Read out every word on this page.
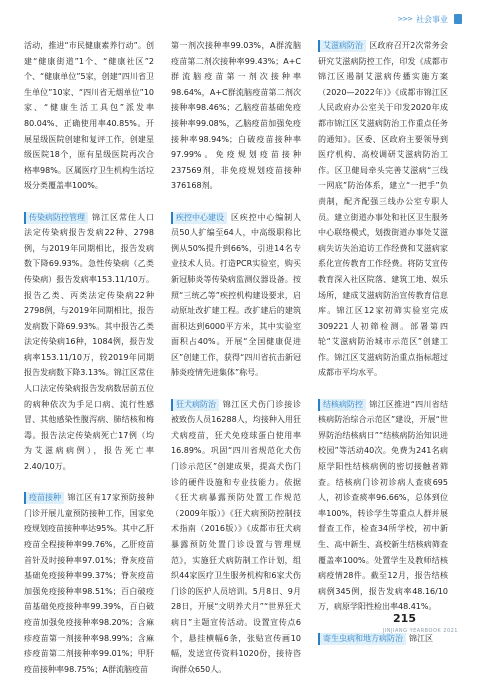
>>> 社会事业

活动，推进“市民健康素养行动”。创建“健康街道”1个、“健康社区”2个、“健康单位”5家，创建“四川省卫生单位”10家、“四川省无烟单位”10家、“健康生活工具包”派发率80.04%、正确使用率40.85%。开展星级医院创建和复评工作，创建星级医院18个，原有星级医院再次合格率98%。区属医疗卫生机构生活垃圾分类覆盖率100%。

传染病防控管理 锦江区常住人口法定传染病报告发病22种、2798例，与2019年同期相比，报告发病数下降69.93%。急性传染病（乙类传染病）报告发病率153.11/10万。报告乙类、丙类法定传染病22种2798例，与2019年同期相比，报告发病数下降69.93%。其中报告乙类法定传染病16种，1084例，报告发病率153.11/10万，较2019年同期报告发病数下降3.13%。锦江区常住人口法定传染病报告发病数居前五位的病种依次为手足口病、流行性感冒、其他感染性腹泻病、肺结核和梅毒。报告法定传染病死亡17例（均为艾滋病病例），报告死亡率2.40/10万。

疫苗接种 锦江区有17家预防接种门诊开展儿童预防接种工作，国家免疫规划疫苗接种率达95%。其中乙肝疫苗全程接种率99.76%，乙肝疫苗首针及时接种率97.01%；脊灰疫苗基础免疫接种率99.37%；脊灰疫苗加强免疫接种率98.51%；百白破疫苗基础免疫接种率99.39%，百白破疫苗加强免疫接种率98.20%；含麻疹疫苗第一剂接种率98.99%；含麻疹疫苗第二剂接种率99.01%；甲肝疫苗接种率98.75%；A群流脑疫苗

第一剂次接种率99.03%，A群流脑疫苗第二剂次接种率99.43%；A+C群流脑疫苗第一剂次接种率98.64%，A+C群流脑疫苗第二剂次接种率98.46%；乙脑疫苗基础免疫接种率99.08%，乙脑疫苗加强免疫接种率98.94%；白破疫苗接种率97.99%。免疫规划疫苗接种237569剂，非免疫规划疫苗接种376168剂。

疾控中心建设 区疾控中心编制人员50人扩编至64人，中高级职称比例从50%提升到66%，引进14名专业技术人员。打造PCR实验室，购买新冠肺炎等传染病监测仪器设备。按照“三统乙等”疾控机构建设要求，启动原址改扩建工程。改扩建后的建筑面积达到6000平方米，其中实验室面积占40%。开展“全国健康促进区”创建工作，获得“四川省抗击新冠肺炎疫情先进集体”称号。

狂犬病防治 锦江区犬伤门诊接诊被致伤人员16288人，均接种入用狂犬病疫苗，狂犬免疫球蛋白使用率16.89%。巩固“四川省规范化犬伤门诊示范区”创建成果，提高犬伤门诊的硬件设施和专业技能力。依据《狂犬病暴露预防处置工作规范（2009年版）》《狂犬病预防控制技术指南（2016版）》《成都市狂犬病暴露预防处置门诊设置与管理规范》，实施狂犬病防制工作计划，组织44家医疗卫生服务机构和6家犬伤门诊的医护人员培训。5月8日、9月28日，开展“文明养犬月”“世界狂犬病日”主题宣传活动。设置宣传点6个，悬挂横幅6条，张贴宣传画10幅，发送宣传资料1020份，接待咨询群众650人。

艾滋病防治 区政府召开2次常务会研究艾滋病防控工作，印发《成都市锦江区遏制艾滋病传播实施方案（2020—2022年）》《成都市锦江区人民政府办公室关于印发2020年成都市锦江区艾滋病防治工作重点任务的通知》。区委、区政府主要领导到医疗机构、高校调研艾滋病防治工作。区卫健局牵头完善艾滋病“三线一网底”防治体系，建立“一把手”负责制，配齐配强三线办公室专职人员。建立街道办事处和社区卫生服务中心联络模式，划拨街道办事处艾滋病失访失治追访工作经费和艾滋病家系化宣传教育工作经费。将防艾宣传教育深入社区院落、建筑工地、娱乐场所，建成艾滋病防治宣传教育信息库。锦江区12家初筛实验室完成309221人初筛检测。部署第四轮“艾滋病防治城市示范区”创建工作。锦江区艾滋病防治重点指标超过成都市平均水平。

结核病防控 锦江区推进“四川省结核病防治综合示范区”建设，开展“世界防治结核病日”“结核病防治知识进校园”等活动40次。免费为241名病原学阳性结核病例的密切接触者筛查。结核病门诊初诊病人查痰695人，初诊查痰率96.66%，总体到位率100%，转诊学生等重点人群并展督查工作，检查34所学校，初中新生、高中新生、高校新生结核病筛查覆盖率100%。处置学生及教师结核病疫情28件。截至12月，报告结核病例345例，报告发病率48.16/10万，病原学阳性检出率48.41%。

寄生虫病和地方病防治 锦江区

215
JINJIANG YEARBOOK 2021
